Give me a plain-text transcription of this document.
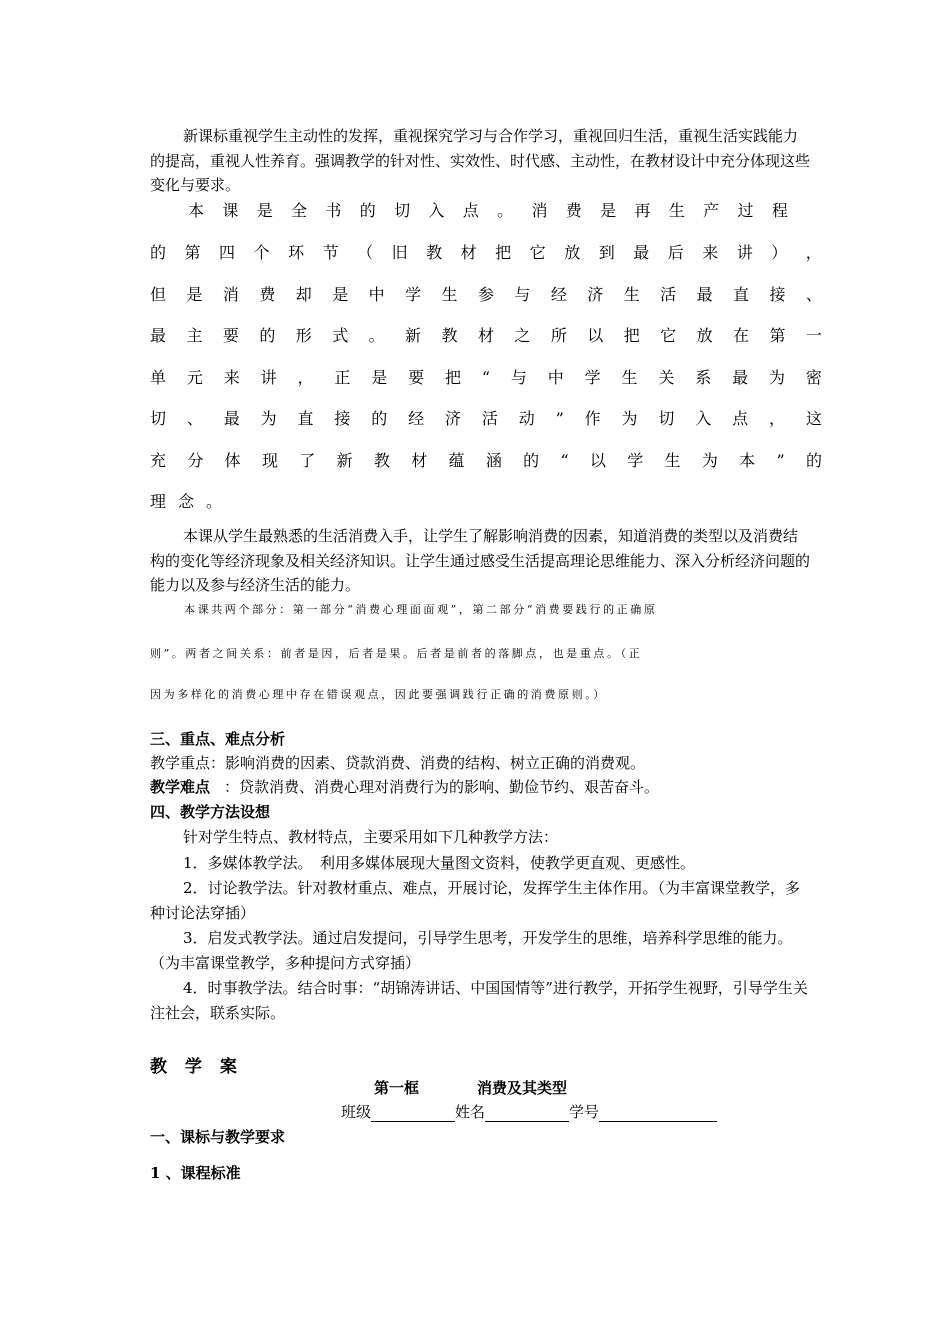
新课标重视学生主动性的发挥，重视探究学习与合作学习，重视回归生活，重视生活实践能力的提高，重视人性养育。强调教学的针对性、实效性、时代感、主动性，在教材设计中充分体现这些变化与要求。

本 课 是 全 书 的 切 入 点 。 消 费 是 再 生 产 过 程
的 第 四 个 环 节 （ 旧 教 材 把 它 放 到 最 后 来 讲 ） ，
但 是 消 费 却 是 中 学 生 参 与 经 济 生 活 最 直 接 、
最 主 要 的 形 式 。 新 教 材 之 所 以 把 它 放 在 第 一
单 元 来 讲 ， 正 是 要 把 “ 与 中 学 生 关 系 最 为 密
切 、 最 为 直 接 的 经 济 活 动 ” 作 为 切 入 点 ， 这
充 分 体 现 了 新 教 材 蕴 涵 的 “ 以 学 生 为 本 ” 的
理 念 。

本课从学生最熟悉的生活消费入手，让学生了解影响消费的因素，知道消费的类型以及消费结构的变化等经济现象及相关经济知识。让学生通过感受生活提高理论思维能力、深入分析经济问题的能力以及参与经济生活的能力。

本课共两个部分：第一部分“消费心理面面观”，第二部分“消费要践行的正确原

则”。两者之间关系：前者是因，后者是果。后者是前者的落脚点，也是重点。（正

因为多样化的消费心理中存在错误观点，因此要强调践行正确的消费原则。）

三、重点、难点分析
教学重点：影响消费的因素、贷款消费、消费的结构、树立正确的消费观。
教学难点 ：贷款消费、消费心理对消费行为的影响、勤俭节约、艰苦奋斗。
四、教学方法设想
针对学生特点、教材特点，主要采用如下几种教学方法：

1．多媒体教学法。　利用多媒体展现大量图文资料，使教学更直观、更感性。

2．讨论教学法。针对教材重点、难点，开展讨论，发挥学生主体作用。（为丰富课堂教学，多种讨论法穿插）

3．启发式教学法。通过启发提问，引导学生思考，开发学生的思维，培养科学思维的能力。（为丰富课堂教学，多种提问方式穿插）

4．时事教学法。结合时事：“胡锦涛讲话、中国国情等”进行教学，开拓学生视野，引导学生关注社会，联系实际。

教 学 案
第一框	消费及其类型
班级	姓名	学号
一、课标与教学要求
1 、课程标准
